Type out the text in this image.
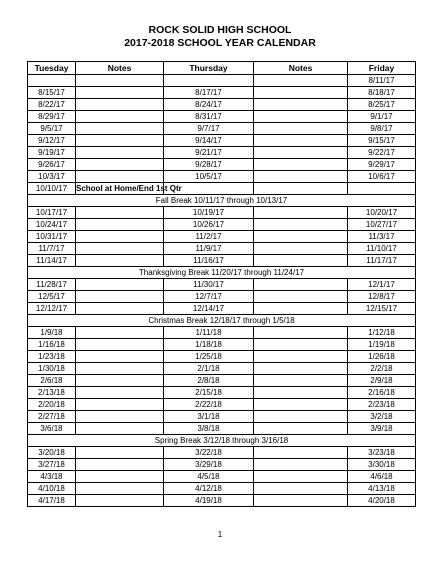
ROCK SOLID HIGH SCHOOL
2017-2018 SCHOOL YEAR CALENDAR
Tuesday	Notes	Thursday	Notes	Friday
				8/11/17
8/15/17		8/17/17		8/18/17
8/22/17		8/24/17		8/25/17
8/29/17		8/31/17		9/1/17
9/5/17		9/7/17		9/8/17
9/12/17		9/14/17		9/15/17
9/19/17		9/21/17		9/22/17
9/26/17		9/28/17		9/29/17
10/3/17		10/5/17		10/6/17
10/10/17	School at Home/End 1st Qtr			
Fall Break 10/11/17 through 10/13/17				
10/17/17		10/19/17		10/20/17
10/24/17		10/26/17		10/27/17
10/31/17		11/2/17		11/3/17
11/7/17		11/9/17		11/10/17
11/14/17		11/16/17		11/17/17
Thanksgiving Break 11/20/17 through 11/24/17				
11/28/17		11/30/17		12/1/17
12/5/17		12/7/17		12/8/17
12/12/17		12/14/17		12/15/17
Christmas Break 12/18/17 through 1/5/18				
1/9/18		1/11/18		1/12/18
1/16/18		1/18/18		1/19/18
1/23/18		1/25/18		1/26/18
1/30/18		2/1/18		2/2/18
2/6/18		2/8/18		2/9/18
2/13/18		2/15/18		2/16/18
2/20/18		2/22/18		2/23/18
2/27/18		3/1/18		3/2/18
3/6/18		3/8/18		3/9/18
Spring Break 3/12/18 through 3/16/18				
3/20/18		3/22/18		3/23/18
3/27/18		3/29/18		3/30/18
4/3/18		4/5/18		4/6/18
4/10/18		4/12/18		4/13/18
4/17/18		4/19/18		4/20/18
1
